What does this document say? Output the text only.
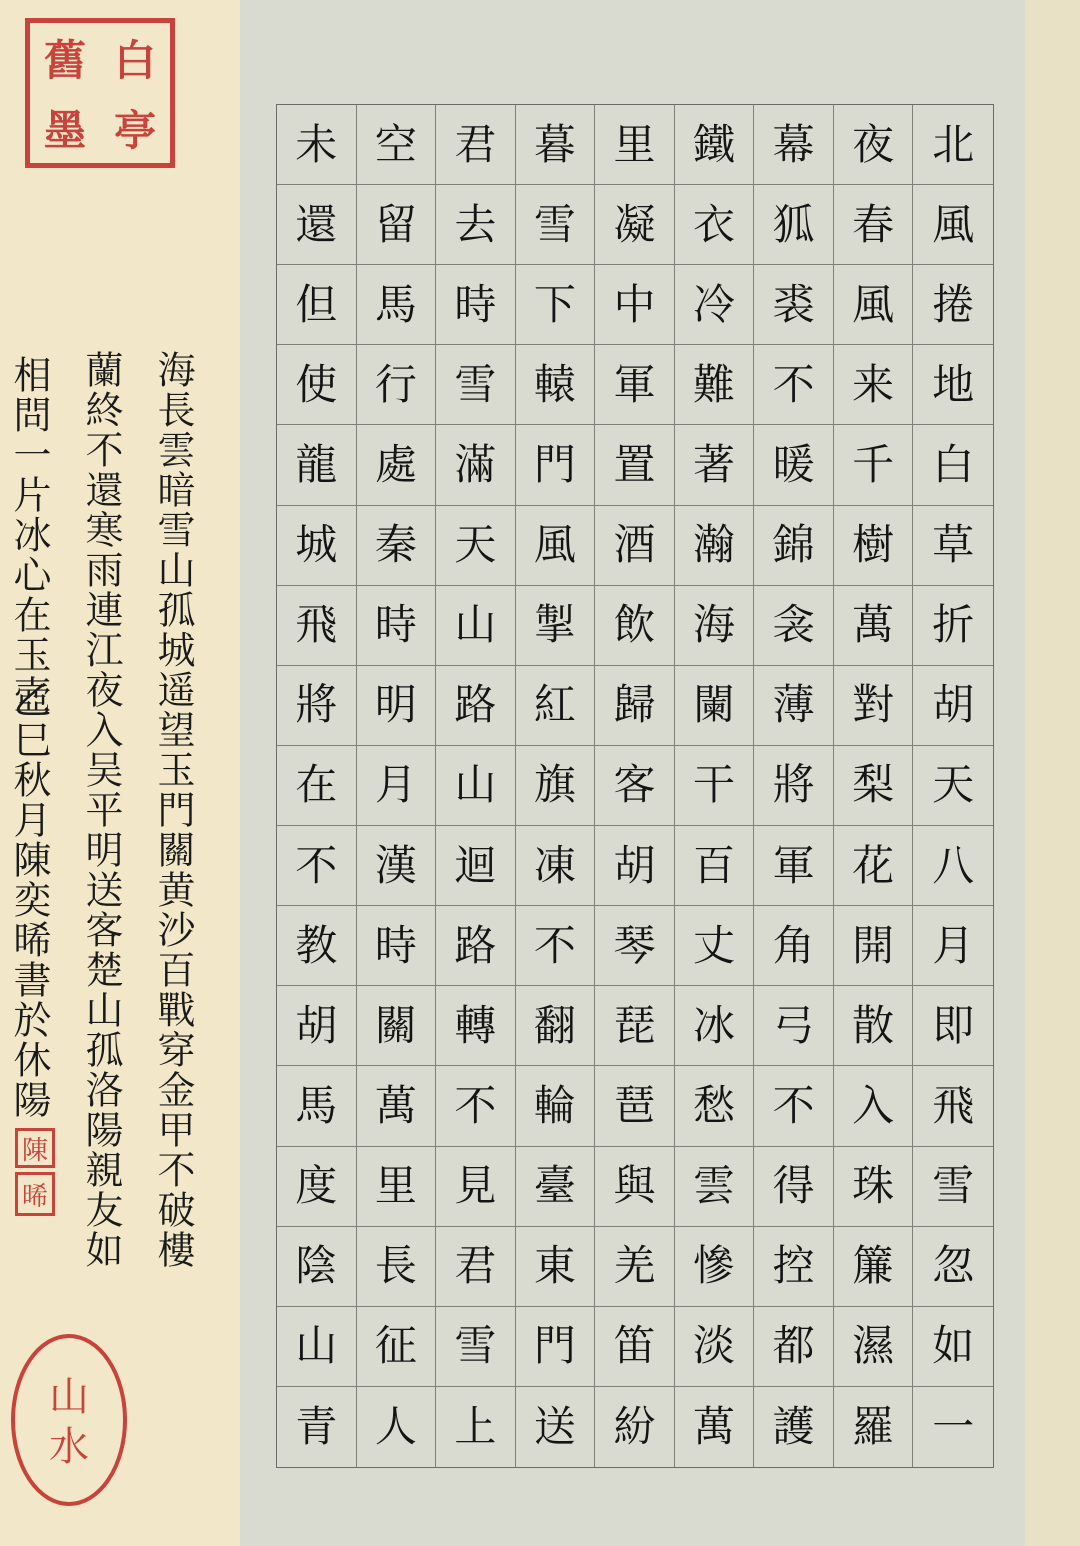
舊 白
墨 亭
海長雲暗雪山孤城遥望玉門關黄沙百戰穿金甲不破樓
蘭終不還寒雨連江夜入吴平明送客楚山孤洛陽親友如
相問一片冰心在玉壺
乙巳秋月陳奕晞書於休陽
陳
晞
山
水
未 空 君 暮 里 鐵 幕 夜 北
還 留 去 雪 凝 衣 狐 春 風
但 馬 時 下 中 冷 裘 風 捲
使 行 雪 轅 軍 難 不 来 地
龍 處 滿 門 置 著 暖 千 白
城 秦 天 風 酒 瀚 錦 樹 草
飛 時 山 掣 飲 海 衾 萬 折
將 明 路 紅 歸 闌 薄 對 胡
在 月 山 旗 客 干 將 梨 天
不 漢 迴 凍 胡 百 軍 花 八
教 時 路 不 琴 丈 角 開 月
胡 關 轉 翻 琵 冰 弓 散 即
馬 萬 不 輪 琶 愁 不 入 飛
度 里 見 臺 與 雲 得 珠 雪
陰 長 君 東 羌 慘 控 簾 忽
山 征 雪 門 笛 淡 都 濕 如
青 人 上 送 紛 萬 護 羅 一
